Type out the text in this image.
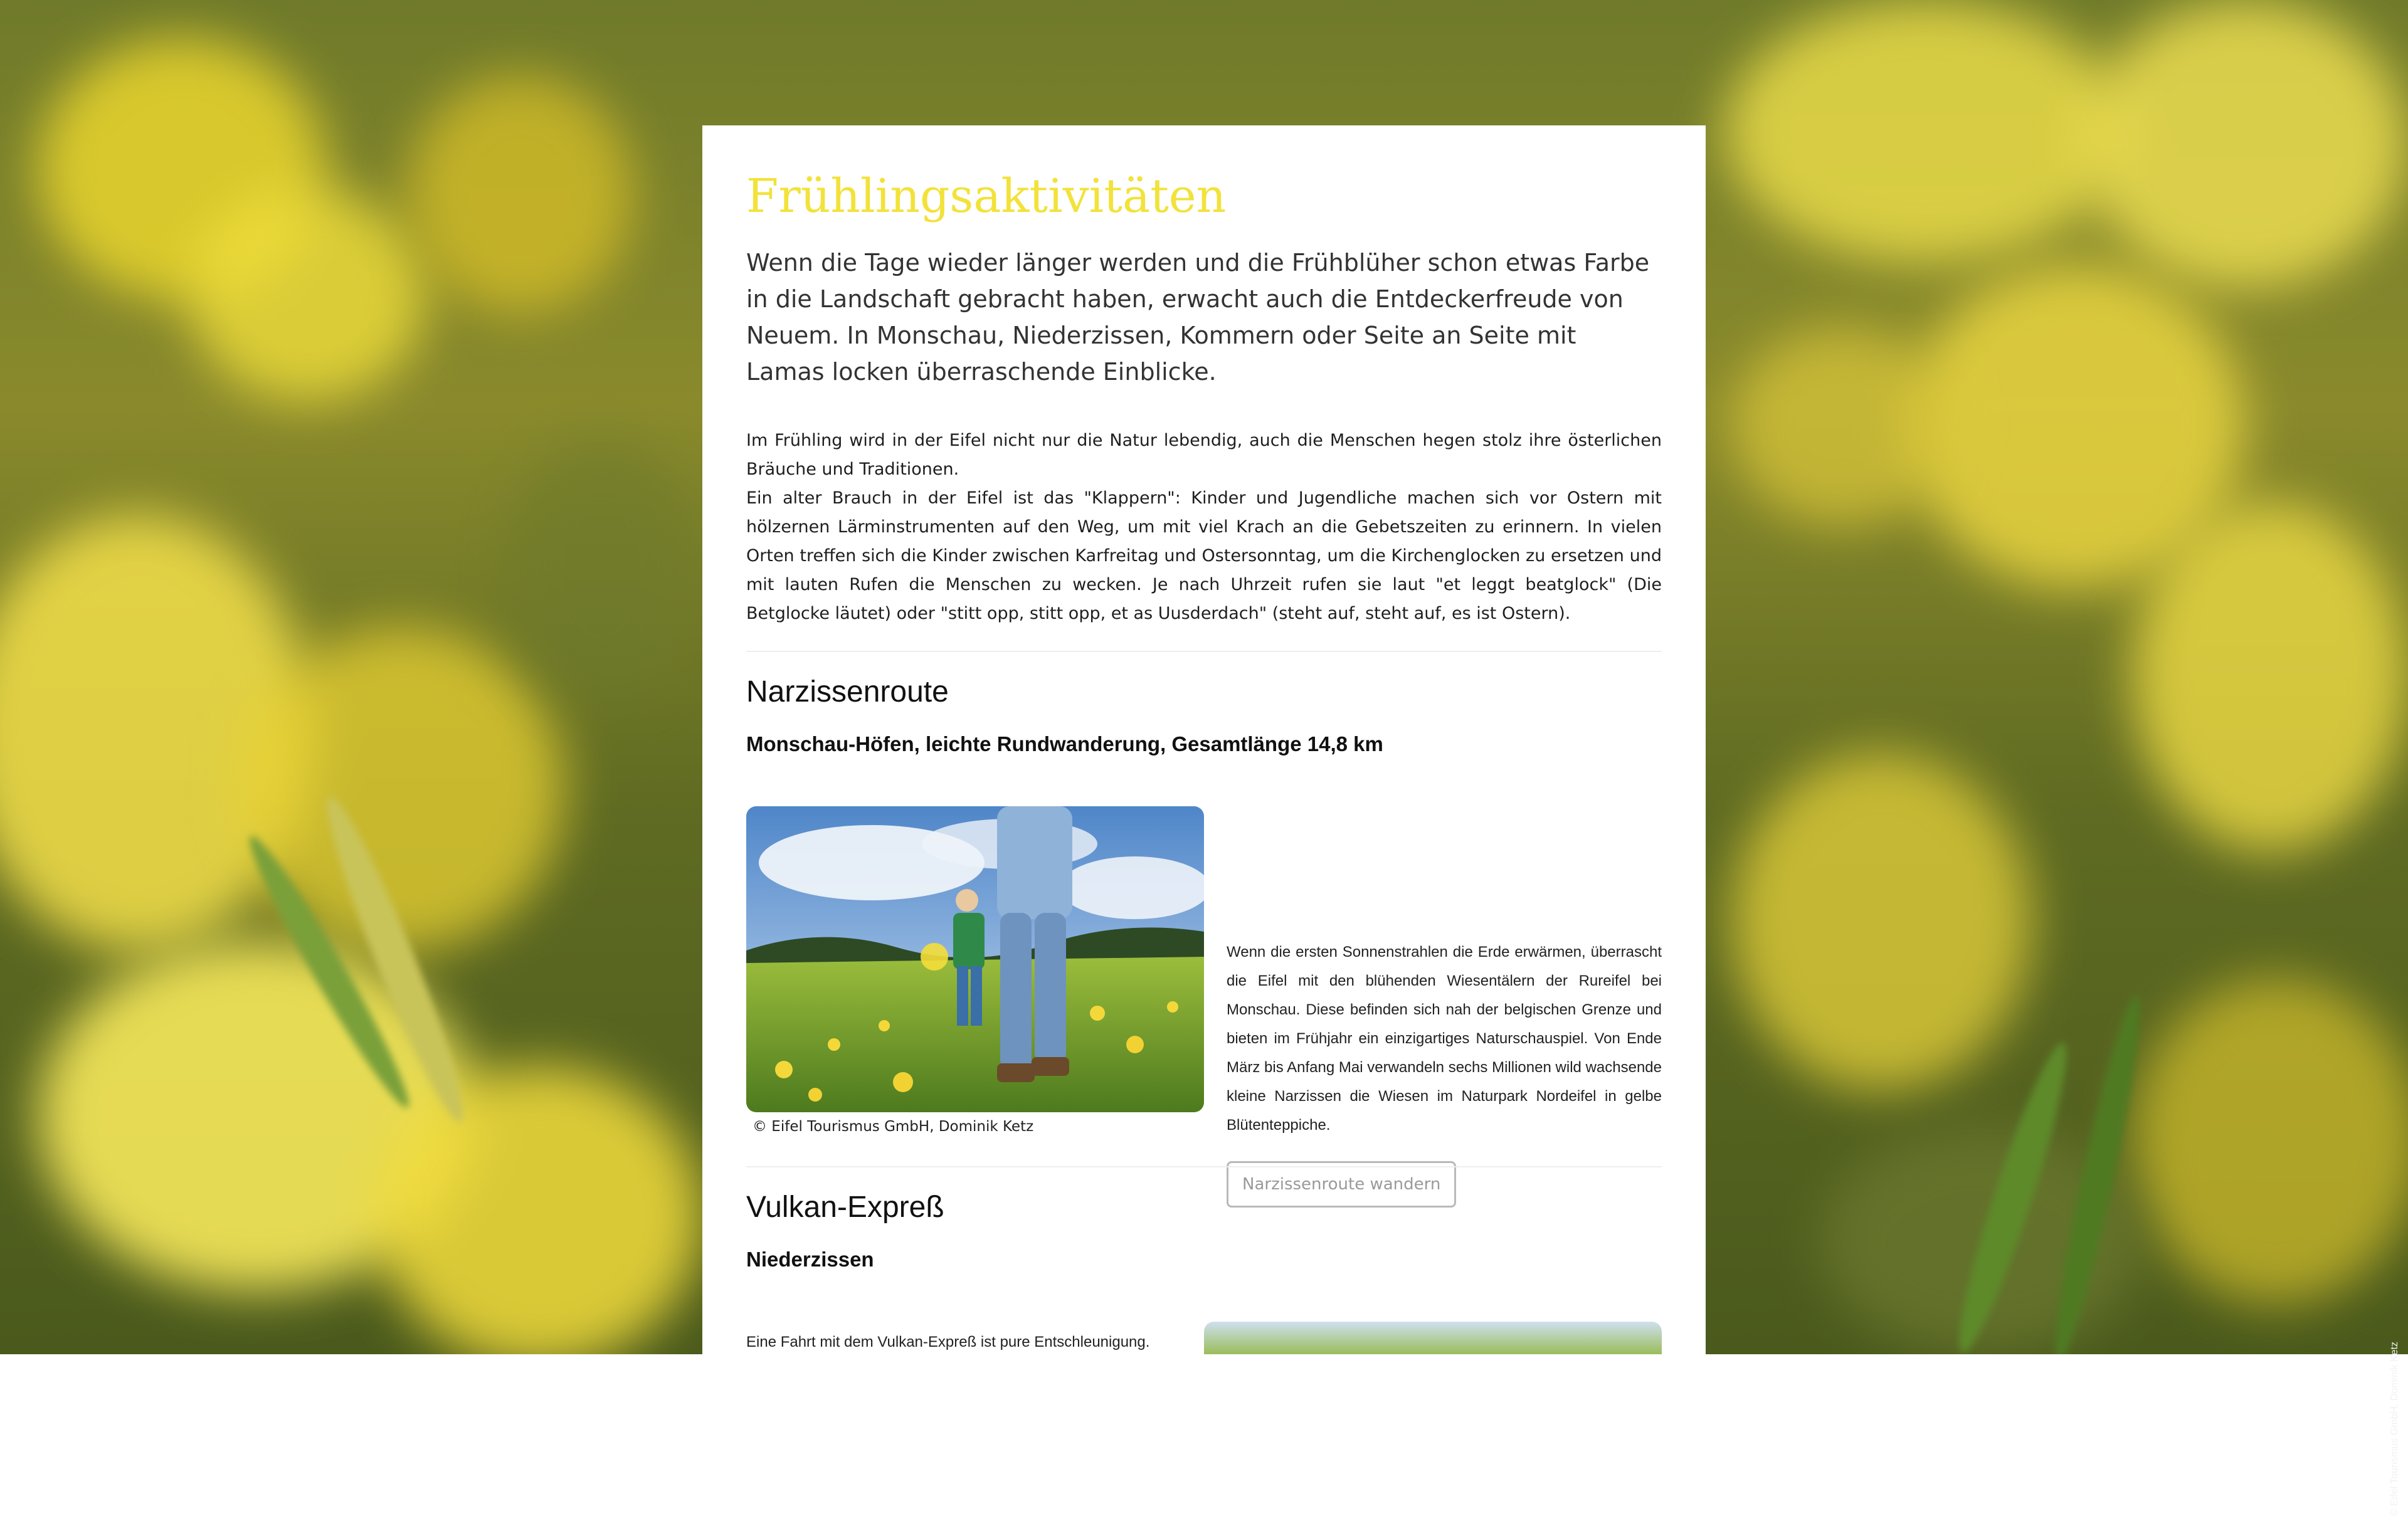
© Eifel Tourismus GmbH, Dominik Ketz
Frühlingsaktivitäten

Wenn die Tage wieder länger werden und die Frühblüher schon etwas Farbe in die Landschaft gebracht haben, erwacht auch die Entdeckerfreude von Neuem. In Monschau, Niederzissen, Kommern oder Seite an Seite mit Lamas locken überraschende Einblicke.

Im Frühling wird in der Eifel nicht nur die Natur lebendig, auch die Menschen hegen stolz ihre österlichen Bräuche und Traditionen.
Ein alter Brauch in der Eifel ist das "Klappern": Kinder und Jugendliche machen sich vor Ostern mit hölzernen Lärminstrumenten auf den Weg, um mit viel Krach an die Gebetszeiten zu erinnern. In vielen Orten treffen sich die Kinder zwischen Karfreitag und Ostersonntag, um die Kirchenglocken zu ersetzen und mit lauten Rufen die Menschen zu wecken. Je nach Uhrzeit rufen sie laut "et leggt beatglock" (Die Betglocke läutet) oder "stitt opp, stitt opp, et as Uusderdach" (steht auf, steht auf, es ist Ostern).
Narzissenroute
Monschau-Höfen, leichte Rundwanderung, Gesamtlänge 14,8 km
© Eifel Tourismus GmbH, Dominik Ketz

Wenn die ersten Sonnenstrahlen die Erde erwärmen, überrascht die Eifel mit den blühenden Wiesentälern der Rureifel bei Monschau. Diese befinden sich nah der belgischen Grenze und bieten im Frühjahr ein einzigartiges Naturschauspiel. Von Ende März bis Anfang Mai verwandeln sechs Millionen wild wachsende kleine Narzissen die Wiesen im Naturpark Nordeifel in gelbe Blütenteppiche.

Narzissenroute wandern
Vulkan-Expreß
Niederzissen

Eine Fahrt mit dem Vulkan-Expreß ist pure Entschleunigung.
